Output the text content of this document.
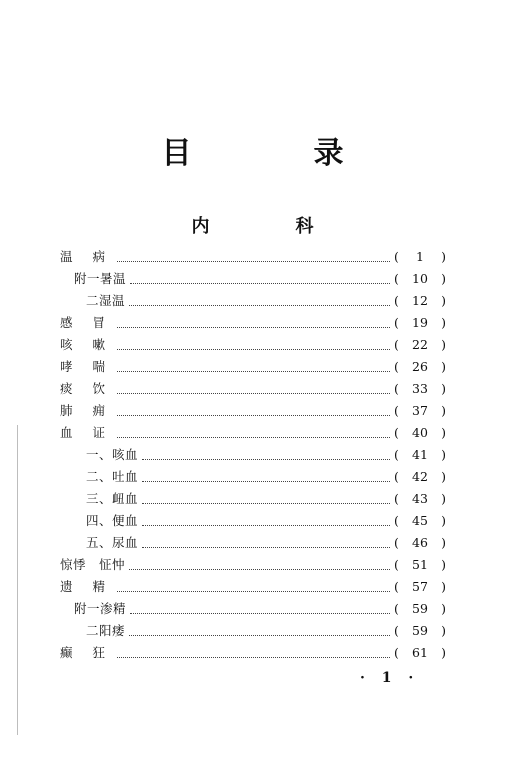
目　录
内　科
温 病	(	1	)
附一暑温	(	10	)
二湿温	(	12	)
感 冒	(	19	)
咳 嗽	(	22	)
哮 喘	(	26	)
痰 饮	(	33	)
肺 痈	(	37	)
血 证	(	40	)
一、咳血	(	41	)
二、吐血	(	42	)
三、衄血	(	43	)
四、便血	(	45	)
五、尿血	(	46	)
惊悸　怔忡	(	51	)
遗 精	(	57	)
附一渗精	(	59	)
二阳痿	(	59	)
癫 狂	(	61	)
· 1 ·
